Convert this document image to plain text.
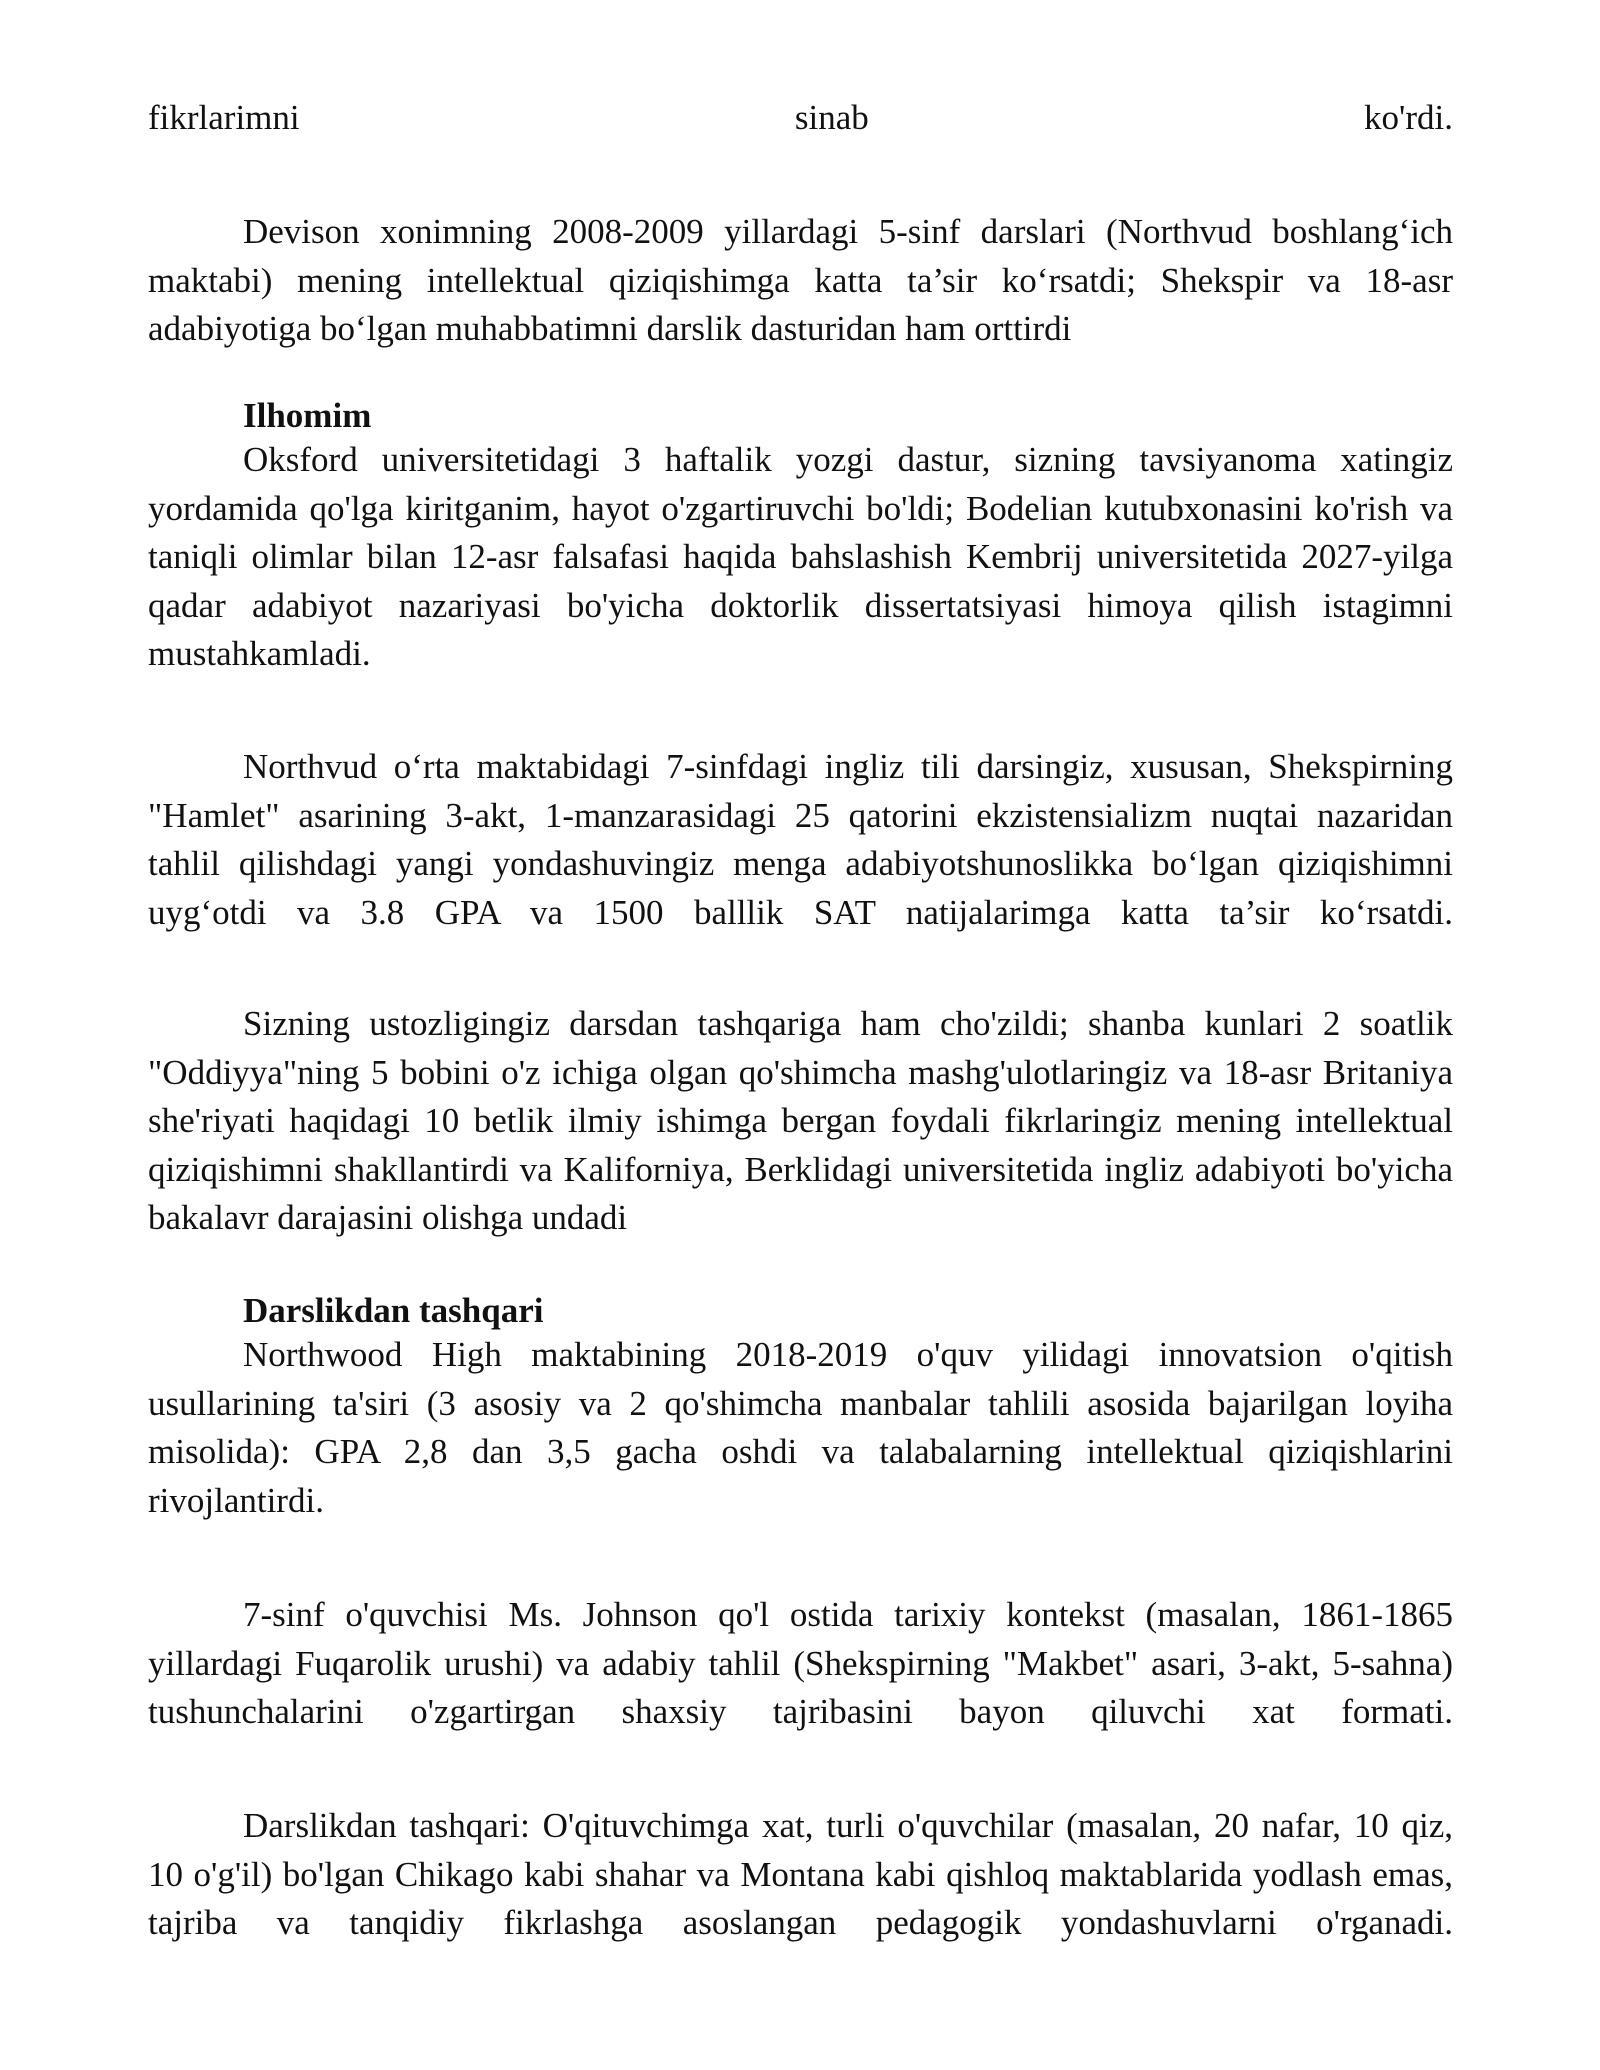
fikrlarimni	sinab	ko'rdi.

Devison xonimning 2008-2009 yillardagi 5-sinf darslari (Northvud boshlang‘ich maktabi) mening intellektual qiziqishimga katta ta’sir ko‘rsatdi; Shekspir va 18-asr adabiyotiga bo‘lgan muhabbatimni darslik dasturidan ham orttirdi

Ilhomim

Oksford universitetidagi 3 haftalik yozgi dastur, sizning tavsiyanoma xatingiz yordamida qo'lga kiritganim, hayot o'zgartiruvchi bo'ldi; Bodelian kutubxonasini ko'rish va taniqli olimlar bilan 12-asr falsafasi haqida bahslashish Kembrij universitetida 2027-yilga qadar adabiyot nazariyasi bo'yicha doktorlik dissertatsiyasi himoya qilish istagimni mustahkamladi.

Northvud o‘rta maktabidagi 7-sinfdagi ingliz tili darsingiz, xususan, Shekspirning "Hamlet" asarining 3-akt, 1-manzarasidagi 25 qatorini ekzistensializm nuqtai nazaridan tahlil qilishdagi yangi yondashuvingiz menga adabiyotshunoslikka bo‘lgan qiziqishimni uyg‘otdi va 3.8 GPA va 1500 balllik SAT natijalarimga katta ta’sir ko‘rsatdi.

Sizning ustozligingiz darsdan tashqariga ham cho'zildi; shanba kunlari 2 soatlik "Oddiyya"ning 5 bobini o'z ichiga olgan qo'shimcha mashg'ulotlaringiz va 18-asr Britaniya she'riyati haqidagi 10 betlik ilmiy ishimga bergan foydali fikrlaringiz mening intellektual qiziqishimni shakllantirdi va Kaliforniya, Berklidagi universitetida ingliz adabiyoti bo'yicha bakalavr darajasini olishga undadi

Darslikdan tashqari

Northwood High maktabining 2018-2019 o'quv yilidagi innovatsion o'qitish usullarining ta'siri (3 asosiy va 2 qo'shimcha manbalar tahlili asosida bajarilgan loyiha misolida): GPA 2,8 dan 3,5 gacha oshdi va talabalarning intellektual qiziqishlarini rivojlantirdi.

7-sinf o'quvchisi Ms. Johnson qo'l ostida tarixiy kontekst (masalan, 1861-1865 yillardagi Fuqarolik urushi) va adabiy tahlil (Shekspirning "Makbet" asari, 3-akt, 5-sahna) tushunchalarini o'zgartirgan shaxsiy tajribasini bayon qiluvchi xat formati.

Darslikdan tashqari: O'qituvchimga xat, turli o'quvchilar (masalan, 20 nafar, 10 qiz, 10 o'g'il) bo'lgan Chikago kabi shahar va Montana kabi qishloq maktablarida yodlash emas, tajriba va tanqidiy fikrlashga asoslangan pedagogik yondashuvlarni o'rganadi.
